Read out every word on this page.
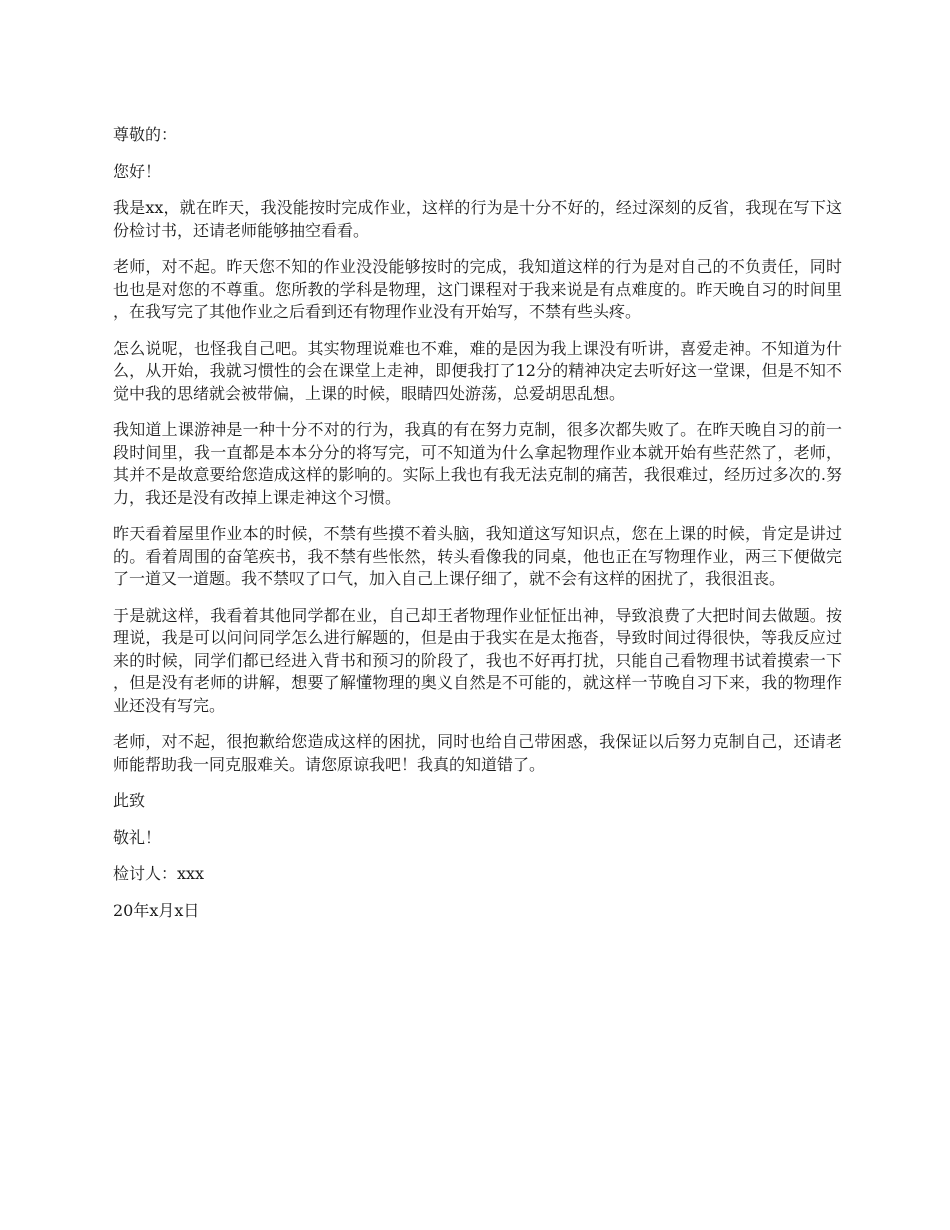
尊敬的：

您好！

我是xx，就在昨天，我没能按时完成作业，这样的行为是十分不好的，经过深刻的反省，我现在写下这份检讨书，还请老师能够抽空看看。

老师，对不起。昨天您不知的作业没没能够按时的完成，我知道这样的行为是对自己的不负责任，同时也也是对您的不尊重。您所教的学科是物理，这门课程对于我来说是有点难度的。昨天晚自习的时间里，在我写完了其他作业之后看到还有物理作业没有开始写，不禁有些头疼。

怎么说呢，也怪我自己吧。其实物理说难也不难，难的是因为我上课没有听讲，喜爱走神。不知道为什么，从开始，我就习惯性的会在课堂上走神，即便我打了12分的精神决定去听好这一堂课，但是不知不觉中我的思绪就会被带偏，上课的时候，眼睛四处游荡，总爱胡思乱想。

我知道上课游神是一种十分不对的行为，我真的有在努力克制，很多次都失败了。在昨天晚自习的前一段时间里，我一直都是本本分分的将写完，可不知道为什么拿起物理作业本就开始有些茫然了，老师，其并不是故意要给您造成这样的影响的。实际上我也有我无法克制的痛苦，我很难过，经历过多次的.努力，我还是没有改掉上课走神这个习惯。

昨天看着屋里作业本的时候，不禁有些摸不着头脑，我知道这写知识点，您在上课的时候，肯定是讲过的。看着周围的奋笔疾书，我不禁有些怅然，转头看像我的同桌，他也正在写物理作业，两三下便做完了一道又一道题。我不禁叹了口气，加入自己上课仔细了，就不会有这样的困扰了，我很沮丧。

于是就这样，我看着其他同学都在业，自己却王者物理作业怔怔出神，导致浪费了大把时间去做题。按理说，我是可以问问同学怎么进行解题的，但是由于我实在是太拖沓，导致时间过得很快，等我反应过来的时候，同学们都已经进入背书和预习的阶段了，我也不好再打扰，只能自己看物理书试着摸索一下，但是没有老师的讲解，想要了解懂物理的奥义自然是不可能的，就这样一节晚自习下来，我的物理作业还没有写完。

老师，对不起，很抱歉给您造成这样的困扰，同时也给自己带困惑，我保证以后努力克制自己，还请老师能帮助我一同克服难关。请您原谅我吧！我真的知道错了。

此致

敬礼！

检讨人：xxx

20年x月x日
